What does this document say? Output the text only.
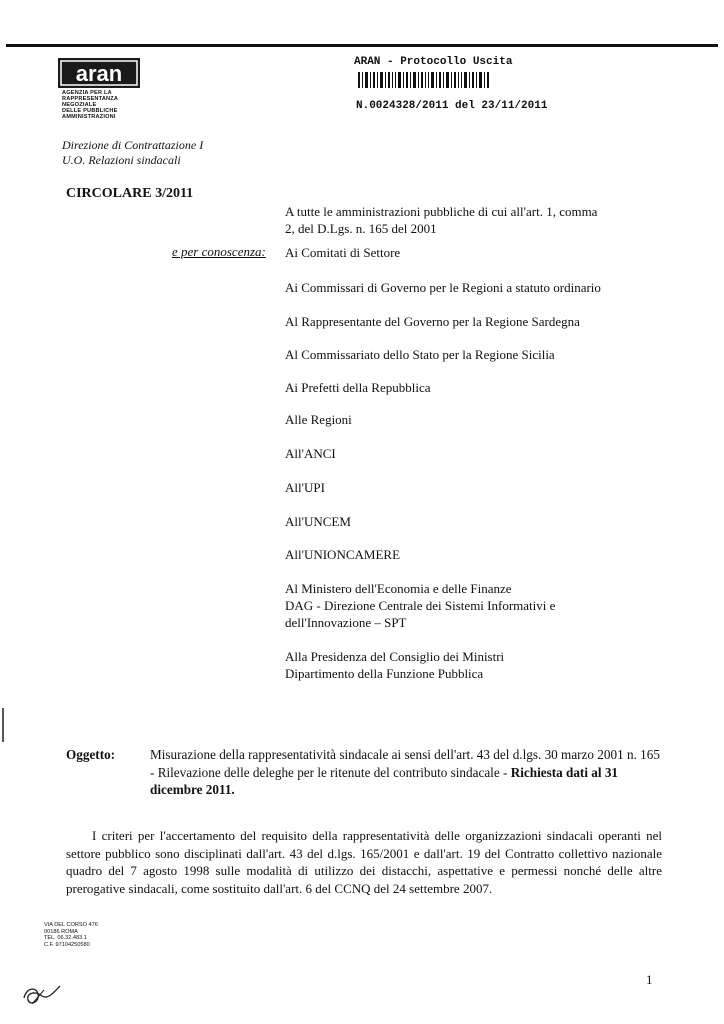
aran
AGENZIA PER LA
RAPPRESENTANZA
NEGOZIALE
DELLE PUBBLICHE
AMMINISTRAZIONI
Direzione di Contrattazione I
U.O. Relazioni sindacali
ARAN - Protocollo Uscita
N.0024328/2011 del 23/11/2011
CIRCOLARE 3/2011
A tutte le amministrazioni pubbliche di cui all'art. 1, comma
2, del D.Lgs. n. 165 del 2001
e per conoscenza: Ai Comitati di Settore
Ai Commissari di Governo per le Regioni a statuto ordinario
Al Rappresentante del Governo per la Regione Sardegna
Al Commissariato dello Stato per la Regione Sicilia
Ai Prefetti della Repubblica
Alle Regioni
All'ANCI
All'UPI
All'UNCEM
All'UNIONCAMERE
Al Ministero dell'Economia e delle Finanze
DAG - Direzione Centrale dei Sistemi Informativi e
dell'Innovazione – SPT
Alla Presidenza del Consiglio dei Ministri
Dipartimento della Funzione Pubblica
Oggetto:	Misurazione della rappresentatività sindacale ai sensi dell'art. 43 del d.lgs. 30 marzo 2001 n. 165 - Rilevazione delle deleghe per le ritenute del contributo sindacale - Richiesta dati al 31 dicembre 2011.
I criteri per l'accertamento del requisito della rappresentatività delle organizzazioni sindacali operanti nel settore pubblico sono disciplinati dall'art. 43 del d.lgs. 165/2001 e dall'art. 19 del Contratto collettivo nazionale quadro del 7 agosto 1998 sulle modalità di utilizzo dei distacchi, aspettative e permessi nonché delle altre prerogative sindacali, come sostituito dall'art. 6 del CCNQ del 24 settembre 2007.
VIA DEL CORSO 476
00186 ROMA
TEL. 06.32.483.1
C.F. 97104250580
1
